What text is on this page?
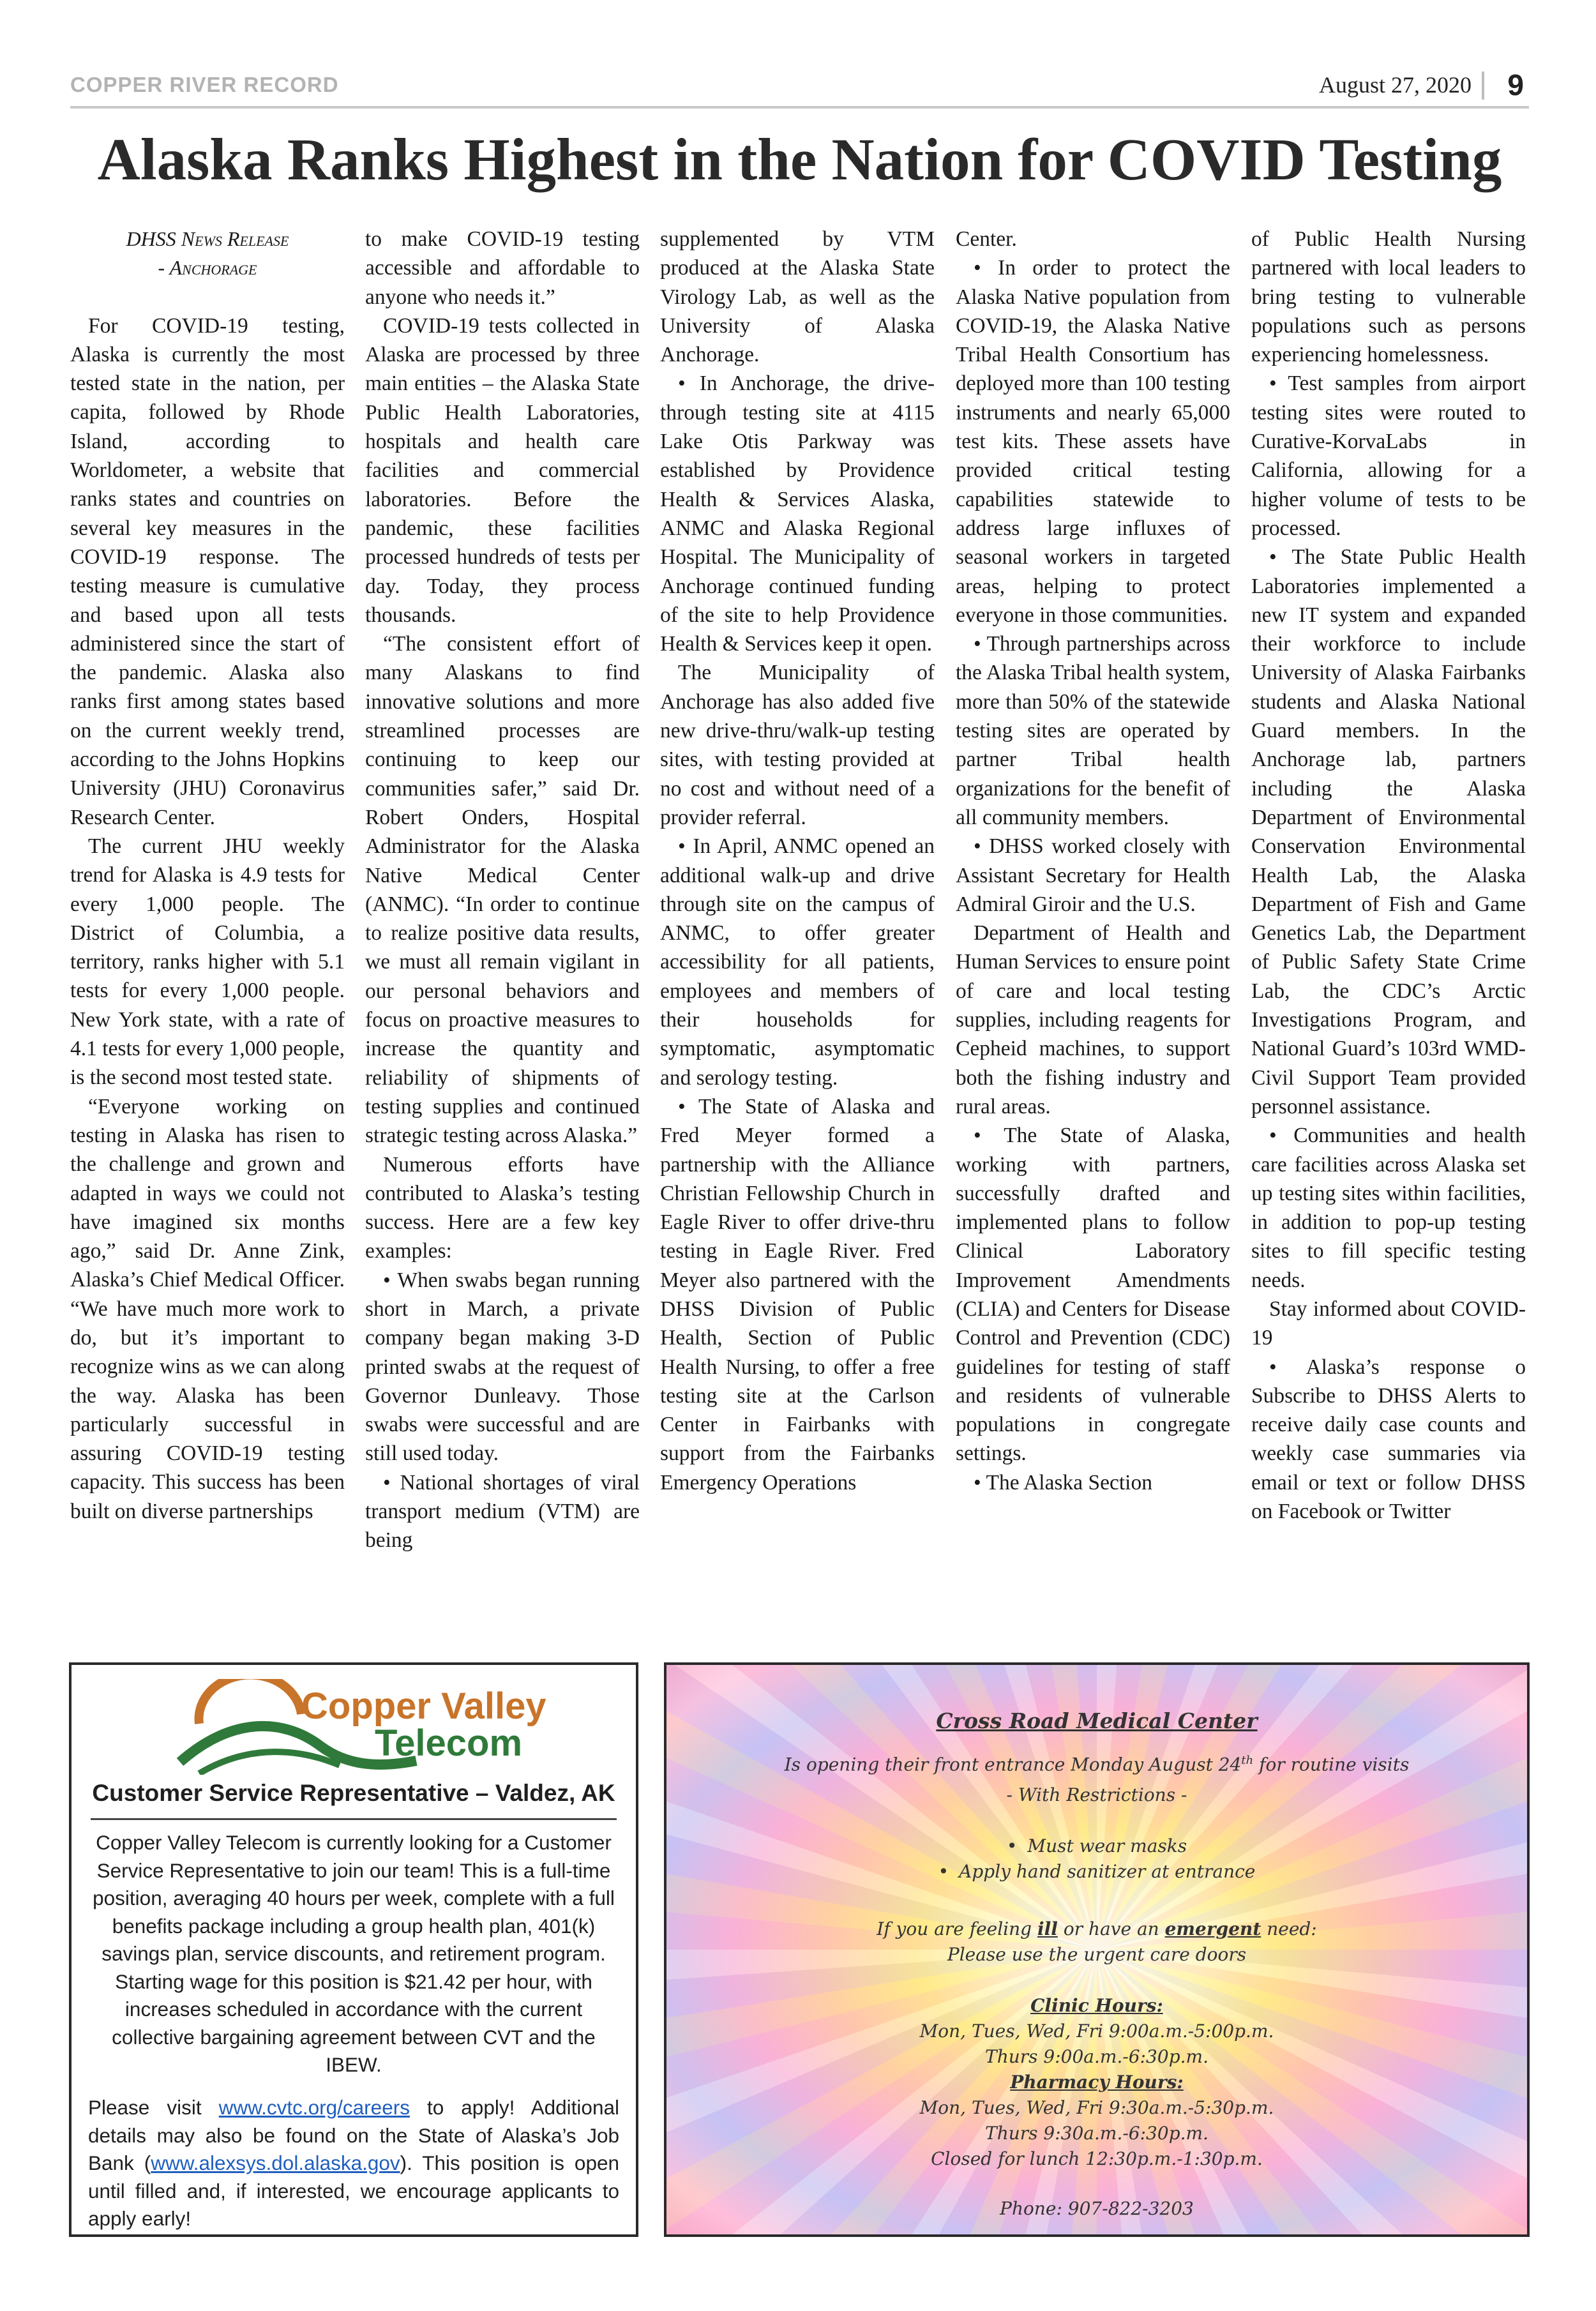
COPPER RIVER RECORD	August 27, 2020 9
Alaska Ranks Highest in the Nation for COVID Testing

DHSS News Release

- Anchorage

For COVID-19 testing, Alaska is currently the most tested state in the nation, per capita, followed by Rhode Island, according to Worldometer, a website that ranks states and countries on several key measures in the COVID-19 response. The testing measure is cumulative and based upon all tests administered since the start of the pandemic. Alaska also ranks first among states based on the current weekly trend, according to the Johns Hopkins University (JHU) Coronavirus Research Center.

The current JHU weekly trend for Alaska is 4.9 tests for every 1,000 people. The District of Columbia, a territory, ranks higher with 5.1 tests for every 1,000 people. New York state, with a rate of 4.1 tests for every 1,000 people, is the second most tested state.

“Everyone working on testing in Alaska has risen to the challenge and grown and adapted in ways we could not have imagined six months ago,” said Dr. Anne Zink, Alaska’s Chief Medical Officer. “We have much more work to do, but it’s important to recognize wins as we can along the way. Alaska has been particularly successful in assuring COVID-19 testing capacity. This success has been built on diverse partnerships

to make COVID-19 testing accessible and affordable to anyone who needs it.”

COVID-19 tests collected in Alaska are processed by three main entities – the Alaska State Public Health Laboratories, hospitals and health care facilities and commercial laboratories. Before the pandemic, these facilities processed hundreds of tests per day. Today, they process thousands.

“The consistent effort of many Alaskans to find innovative solutions and more streamlined processes are continuing to keep our communities safer,” said Dr. Robert Onders, Hospital Administrator for the Alaska Native Medical Center (ANMC). “In order to continue to realize positive data results, we must all remain vigilant in our personal behaviors and focus on proactive measures to increase the quantity and reliability of shipments of testing supplies and continued strategic testing across Alaska.”

Numerous efforts have contributed to Alaska’s testing success. Here are a few key examples:

• When swabs began running short in March, a private company began making 3-D printed swabs at the request of Governor Dunleavy. Those swabs were successful and are still used today.

• National shortages of viral transport medium (VTM) are being

supplemented by VTM produced at the Alaska State Virology Lab, as well as the University of Alaska Anchorage.

• In Anchorage, the drive-through testing site at 4115 Lake Otis Parkway was established by Providence Health & Services Alaska, ANMC and Alaska Regional Hospital. The Municipality of Anchorage continued funding of the site to help Providence Health & Services keep it open.

The Municipality of Anchorage has also added five new drive-thru/walk-up testing sites, with testing provided at no cost and without need of a provider referral.

• In April, ANMC opened an additional walk-up and drive through site on the campus of ANMC, to offer greater accessibility for all patients, employees and members of their households for symptomatic, asymptomatic and serology testing.

• The State of Alaska and Fred Meyer formed a partnership with the Alliance Christian Fellowship Church in Eagle River to offer drive-thru testing in Eagle River. Fred Meyer also partnered with the DHSS Division of Public Health, Section of Public Health Nursing, to offer a free testing site at the Carlson Center in Fairbanks with support from the Fairbanks Emergency Operations

Center.

• In order to protect the Alaska Native population from COVID-19, the Alaska Native Tribal Health Consortium has deployed more than 100 testing instruments and nearly 65,000 test kits. These assets have provided critical testing capabilities statewide to address large influxes of seasonal workers in targeted areas, helping to protect everyone in those communities.

• Through partnerships across the Alaska Tribal health system, more than 50% of the statewide testing sites are operated by partner Tribal health organizations for the benefit of all community members.

• DHSS worked closely with Assistant Secretary for Health Admiral Giroir and the U.S.

Department of Health and Human Services to ensure point of care and local testing supplies, including reagents for Cepheid machines, to support both the fishing industry and rural areas.

• The State of Alaska, working with partners, successfully drafted and implemented plans to follow Clinical Laboratory Improvement Amendments (CLIA) and Centers for Disease Control and Prevention (CDC) guidelines for testing of staff and residents of vulnerable populations in congregate settings.

• The Alaska Section

of Public Health Nursing partnered with local leaders to bring testing to vulnerable populations such as persons experiencing homelessness.

• Test samples from airport testing sites were routed to Curative-KorvaLabs in California, allowing for a higher volume of tests to be processed.

• The State Public Health Laboratories implemented a new IT system and expanded their workforce to include University of Alaska Fairbanks students and Alaska National Guard members. In the Anchorage lab, partners including the Alaska Department of Environmental Conservation Environmental Health Lab, the Alaska Department of Fish and Game Genetics Lab, the Department of Public Safety State Crime Lab, the CDC’s Arctic Investigations Program, and National Guard’s 103rd WMD-Civil Support Team provided personnel assistance.

• Communities and health care facilities across Alaska set up testing sites within facilities, in addition to pop-up testing sites to fill specific testing needs.

Stay informed about COVID-19

• Alaska’s response o Subscribe to DHSS Alerts to receive daily case counts and weekly case summaries via email or text or follow DHSS on Facebook or Twitter

Copper Valley
Telecom
Customer Service Representative – Valdez, AK
Copper Valley Telecom is currently looking for a Customer Service Representative to join our team! This is a full-time position, averaging 40 hours per week, complete with a full benefits package including a group health plan, 401(k) savings plan, service discounts, and retirement program. Starting wage for this position is $21.42 per hour, with increases scheduled in accordance with the current collective bargaining agreement between CVT and the IBEW.
Please visit www.cvtc.org/careers to apply! Additional details may also be found on the State of Alaska’s Job Bank (www.alexsys.dol.alaska.gov). This position is open until filled and, if interested, we encourage applicants to apply early!
Cross Road Medical Center
Is opening their front entrance Monday August 24th for routine visits
- With Restrictions -
• Must wear masks
• Apply hand sanitizer at entrance
If you are feeling ill or have an emergent need:
Please use the urgent care doors
Clinic Hours:
Mon, Tues, Wed, Fri 9:00a.m.-5:00p.m.
Thurs 9:00a.m.-6:30p.m.
Pharmacy Hours:
Mon, Tues, Wed, Fri 9:30a.m.-5:30p.m.
Thurs 9:30a.m.-6:30p.m.
Closed for lunch 12:30p.m.-1:30p.m.
Phone: 907-822-3203
